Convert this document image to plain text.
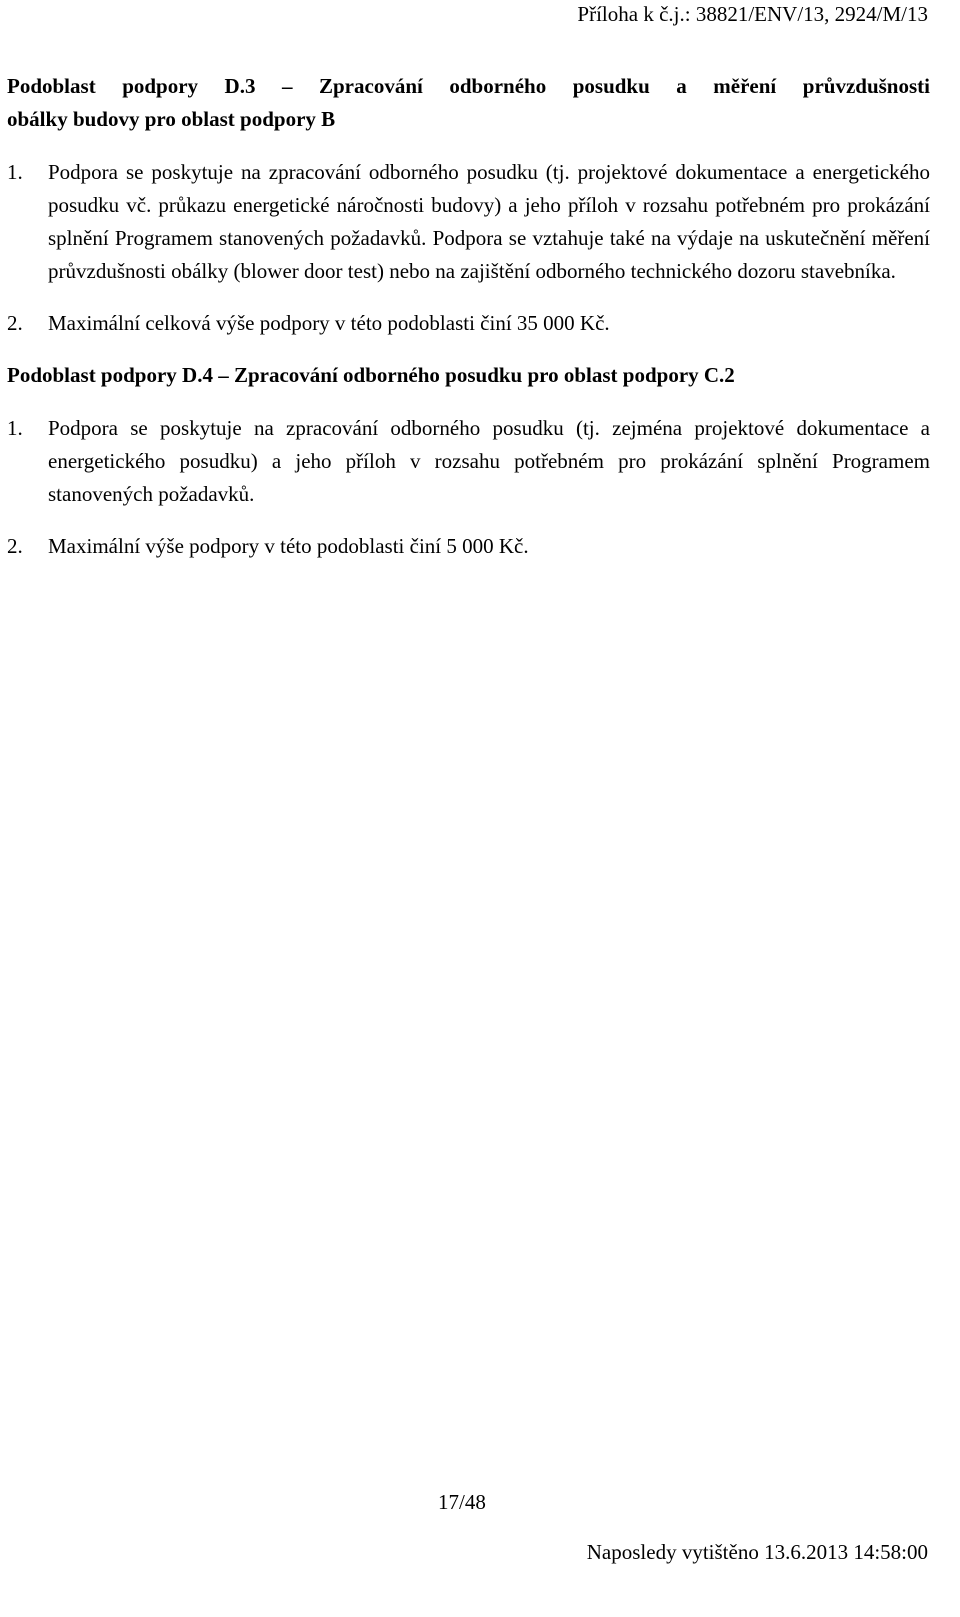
Příloha k č.j.: 38821/ENV/13, 2924/M/13

Podoblast podpory D.3 – Zpracování odborného posudku a měření průvzdušnosti

obálky budovy pro oblast podpory B

1.	Podpora se poskytuje na zpracování odborného posudku (tj. projektové dokumentace a energetického posudku vč. průkazu energetické náročnosti budovy) a jeho příloh v rozsahu potřebném pro prokázání splnění Programem stanovených požadavků. Podpora se vztahuje také na výdaje na uskutečnění měření průvzdušnosti obálky (blower door test) nebo na zajištění odborného technického dozoru stavebníka.

2.	Maximální celková výše podpory v této podoblasti činí 35 000 Kč.

Podoblast podpory D.4 – Zpracování odborného posudku pro oblast podpory C.2

1.	Podpora se poskytuje na zpracování odborného posudku (tj. zejména projektové dokumentace a energetického posudku) a jeho příloh v rozsahu potřebném pro prokázání splnění Programem stanovených požadavků.

2.	Maximální výše podpory v této podoblasti činí 5 000 Kč.

17/48
Naposledy vytištěno 13.6.2013 14:58:00
